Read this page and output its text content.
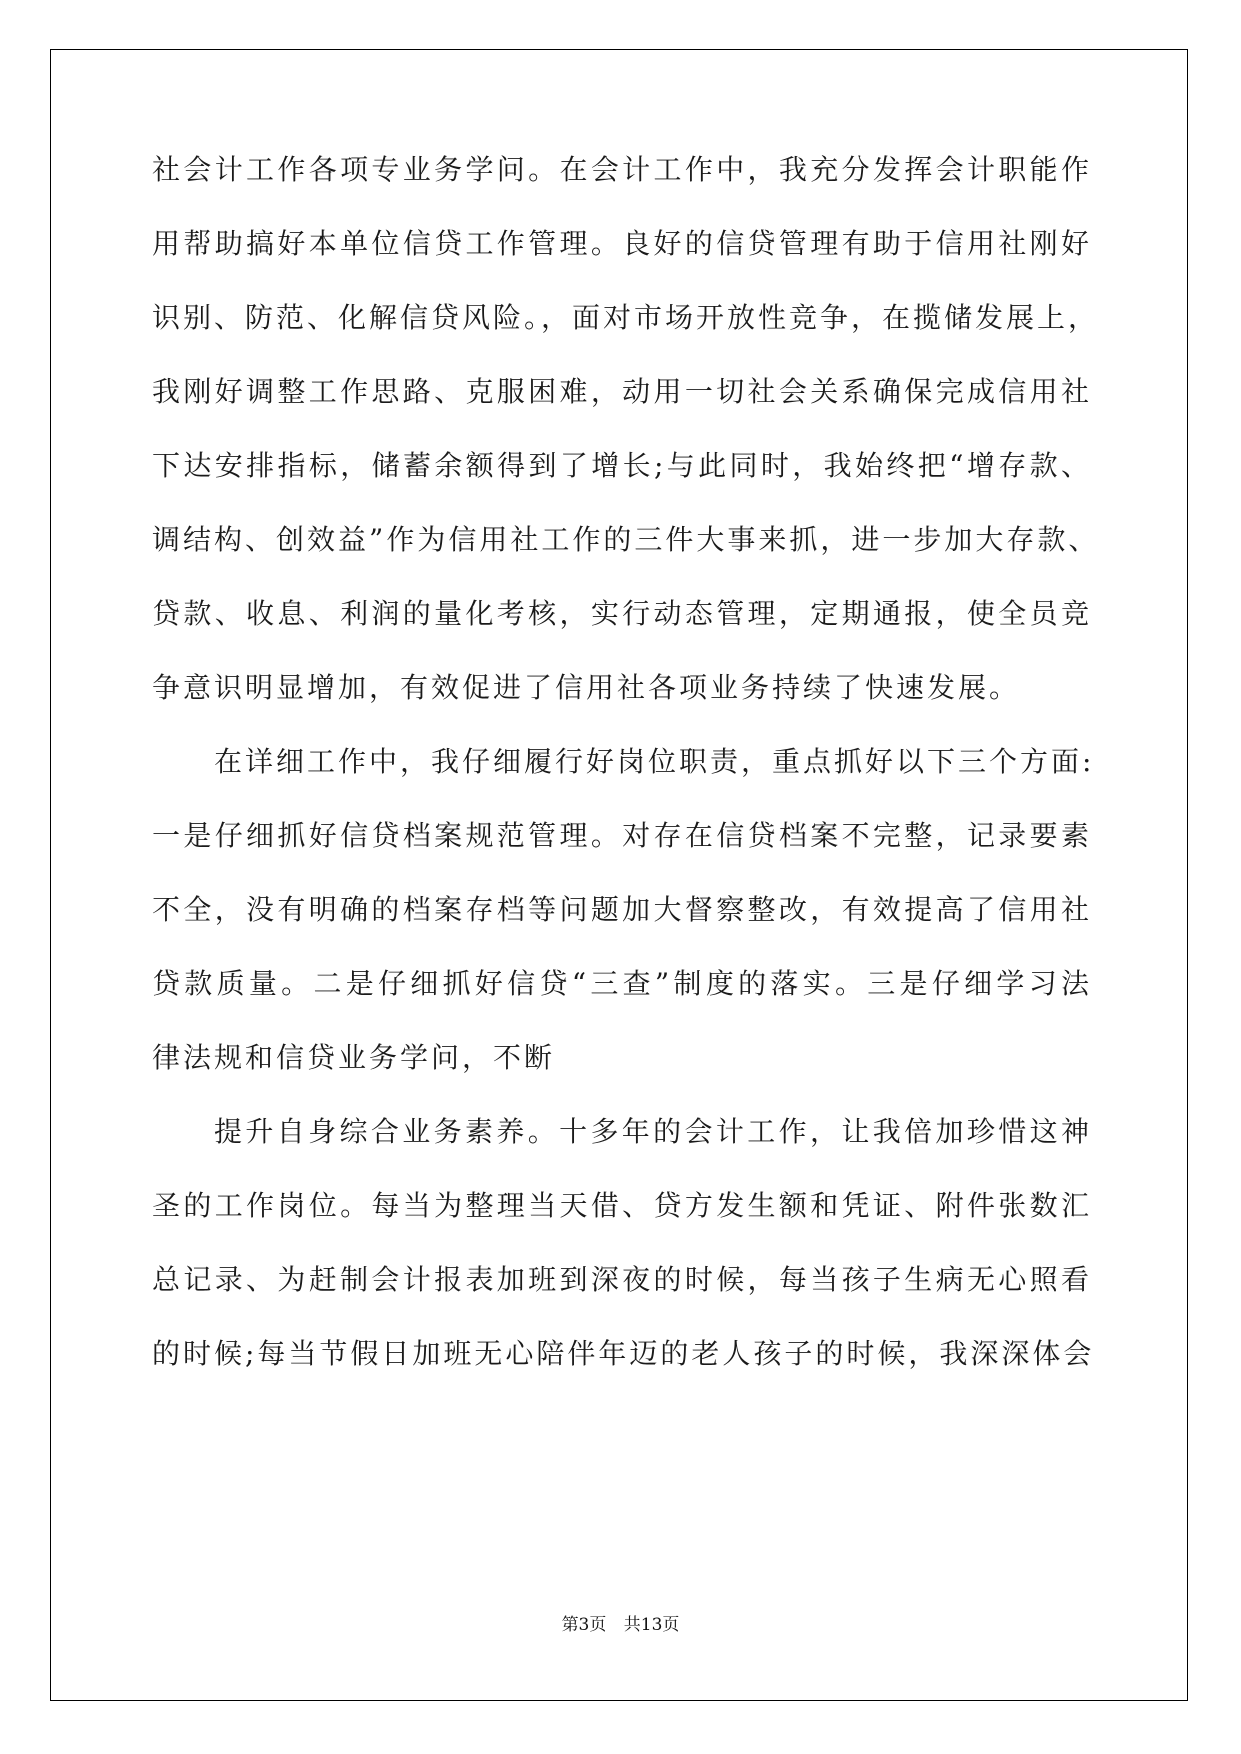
社会计工作各项专业务学问。在会计工作中，我充分发挥会计职能作
用帮助搞好本单位信贷工作管理。良好的信贷管理有助于信用社刚好
识别、防范、化解信贷风险。，面对市场开放性竞争，在揽储发展上，
我刚好调整工作思路、克服困难，动用一切社会关系确保完成信用社
下达安排指标，储蓄余额得到了增长;与此同时，我始终把“增存款、
调结构、创效益”作为信用社工作的三件大事来抓，进一步加大存款、
贷款、收息、利润的量化考核，实行动态管理，定期通报，使全员竞
争意识明显增加，有效促进了信用社各项业务持续了快速发展。
在详细工作中，我仔细履行好岗位职责，重点抓好以下三个方面:
一是仔细抓好信贷档案规范管理。对存在信贷档案不完整，记录要素
不全，没有明确的档案存档等问题加大督察整改，有效提高了信用社
贷款质量。二是仔细抓好信贷“三查”制度的落实。三是仔细学习法
律法规和信贷业务学问，不断
提升自身综合业务素养。十多年的会计工作，让我倍加珍惜这神
圣的工作岗位。每当为整理当天借、贷方发生额和凭证、附件张数汇
总记录、为赶制会计报表加班到深夜的时候，每当孩子生病无心照看
的时候;每当节假日加班无心陪伴年迈的老人孩子的时候，我深深体会
第3页 共13页
